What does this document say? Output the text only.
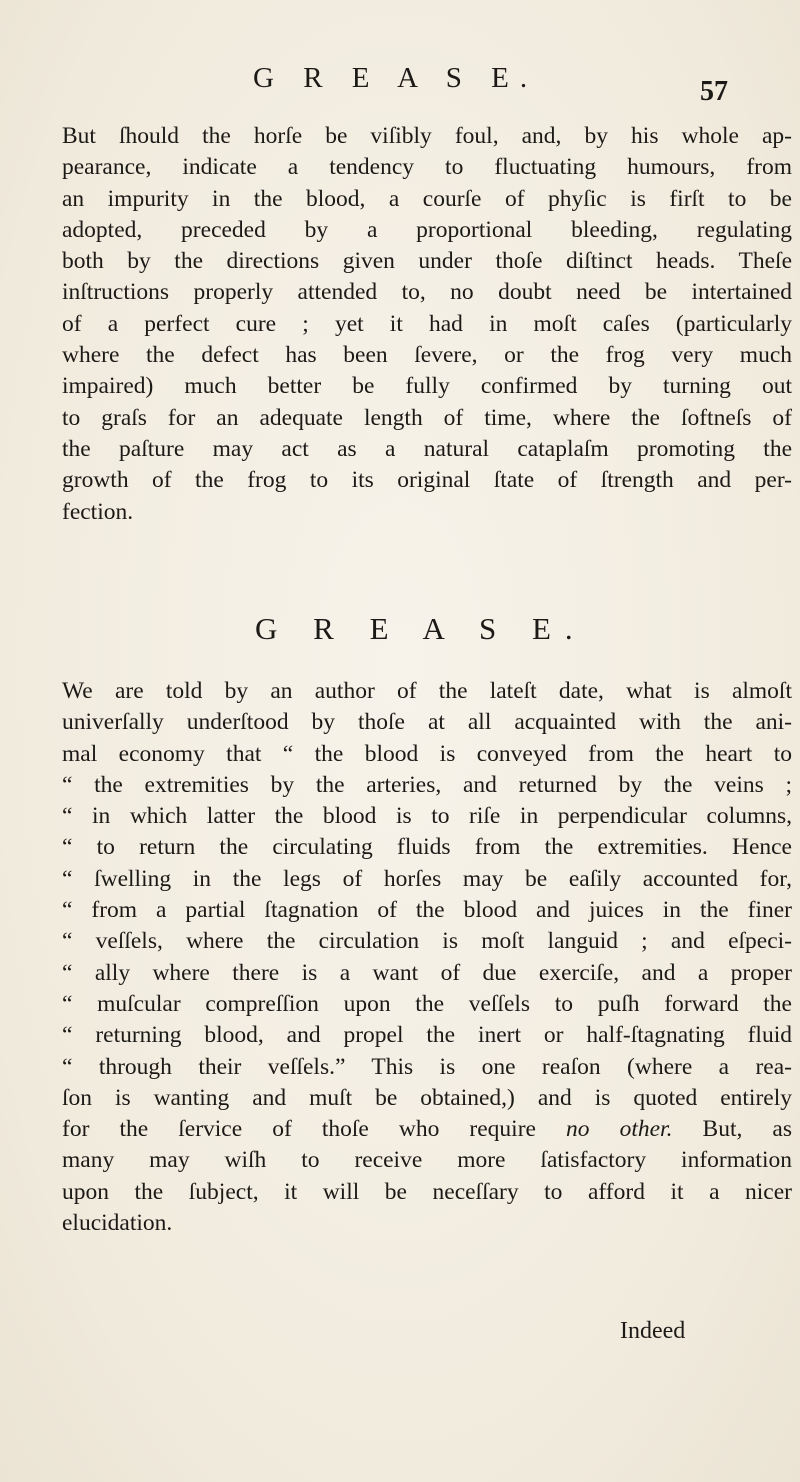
G R E A S E.	57
But ſhould the horſe be viſibly foul, and, by his whole ap-
pearance, indicate a tendency to fluctuating humours, from
an impurity in the blood, a courſe of phyſic is firſt to be
adopted, preceded by a proportional bleeding, regulating
both by the directions given under thoſe diſtinct heads. Theſe
inſtructions properly attended to, no doubt need be intertained
of a perfect cure ; yet it had in moſt caſes (particularly
where the defect has been ſevere, or the frog very much
impaired) much better be fully confirmed by turning out
to graſs for an adequate length of time, where the ſoftneſs of
the paſture may act as a natural cataplaſm promoting the
growth of the frog to its original ſtate of ſtrength and per-
fection.
G R E A S E.
We are told by an author of the lateſt date, what is almoſt
univerſally underſtood by thoſe at all acquainted with the ani-
mal economy that “ the blood is conveyed from the heart to
“ the extremities by the arteries, and returned by the veins ;
“ in which latter the blood is to riſe in perpendicular columns,
“ to return the circulating fluids from the extremities. Hence
“ ſwelling in the legs of horſes may be eaſily accounted for,
“ from a partial ſtagnation of the blood and juices in the finer
“ veſſels, where the circulation is moſt languid ; and eſpeci-
“ ally where there is a want of due exerciſe, and a proper
“ muſcular compreſſion upon the veſſels to puſh forward the
“ returning blood, and propel the inert or half-ſtagnating fluid
“ through their veſſels.” This is one reaſon (where a rea-
ſon is wanting and muſt be obtained,) and is quoted entirely
for the ſervice of thoſe who require no other. But, as
many may wiſh to receive more ſatisfactory information
upon the ſubject, it will be neceſſary to afford it a nicer
elucidation.
Indeed
